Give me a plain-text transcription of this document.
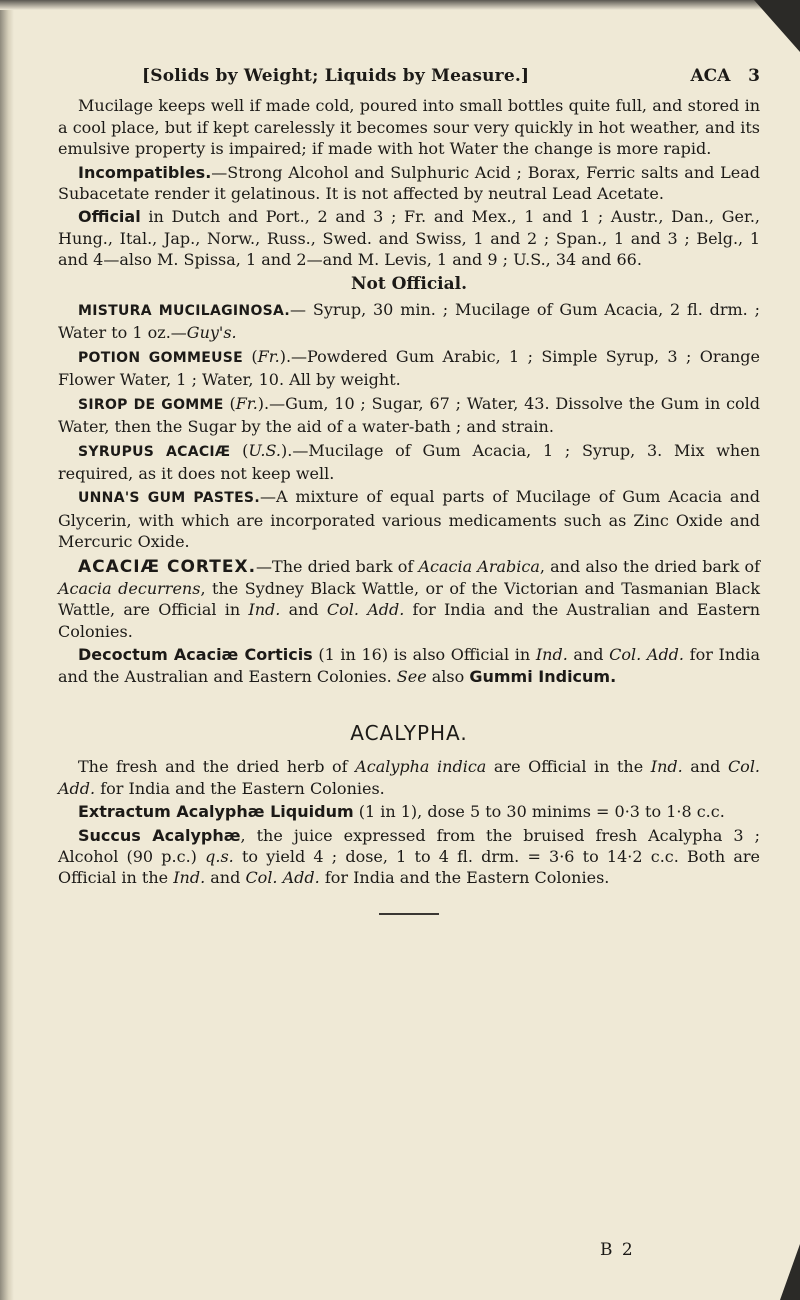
[Solids by Weight; Liquids by Measure.]	ACA 3

Mucilage keeps well if made cold, poured into small bottles quite full, and stored in a cool place, but if kept carelessly it becomes sour very quickly in hot weather, and its emulsive property is impaired; if made with hot Water the change is more rapid.

Incompatibles.—Strong Alcohol and Sulphuric Acid ; Borax, Ferric salts and Lead Subacetate render it gelatinous. It is not affected by neutral Lead Acetate.

Official in Dutch and Port., 2 and 3 ; Fr. and Mex., 1 and 1 ; Austr., Dan., Ger., Hung., Ital., Jap., Norw., Russ., Swed. and Swiss, 1 and 2 ; Span., 1 and 3 ; Belg., 1 and 4—also M. Spissa, 1 and 2—and M. Levis, 1 and 9 ; U.S., 34 and 66.

Not Official.

MISTURA MUCILAGINOSA.— Syrup, 30 min. ; Mucilage of Gum Acacia, 2 fl. drm. ; Water to 1 oz.—Guy's.

POTION GOMMEUSE (Fr.).—Powdered Gum Arabic, 1 ; Simple Syrup, 3 ; Orange Flower Water, 1 ; Water, 10. All by weight.

SIROP DE GOMME (Fr.).—Gum, 10 ; Sugar, 67 ; Water, 43. Dissolve the Gum in cold Water, then the Sugar by the aid of a water-bath ; and strain.

SYRUPUS ACACIÆ (U.S.).—Mucilage of Gum Acacia, 1 ; Syrup, 3. Mix when required, as it does not keep well.

UNNA'S GUM PASTES.—A mixture of equal parts of Mucilage of Gum Acacia and Glycerin, with which are incorporated various medicaments such as Zinc Oxide and Mercuric Oxide.

ACACIÆ CORTEX.—The dried bark of Acacia Arabica, and also the dried bark of Acacia decurrens, the Sydney Black Wattle, or of the Victorian and Tasmanian Black Wattle, are Official in Ind. and Col. Add. for India and the Australian and Eastern Colonies.

Decoctum Acaciæ Corticis (1 in 16) is also Official in Ind. and Col. Add. for India and the Australian and Eastern Colonies. See also Gummi Indicum.

ACALYPHA.

The fresh and the dried herb of Acalypha indica are Official in the Ind. and Col. Add. for India and the Eastern Colonies.

Extractum Acalyphæ Liquidum (1 in 1), dose 5 to 30 minims = 0·3 to 1·8 c.c.

Succus Acalyphæ, the juice expressed from the bruised fresh Acalypha 3 ; Alcohol (90 p.c.) q.s. to yield 4 ; dose, 1 to 4 fl. drm. = 3·6 to 14·2 c.c. Both are Official in the Ind. and Col. Add. for India and the Eastern Colonies.

B 2
